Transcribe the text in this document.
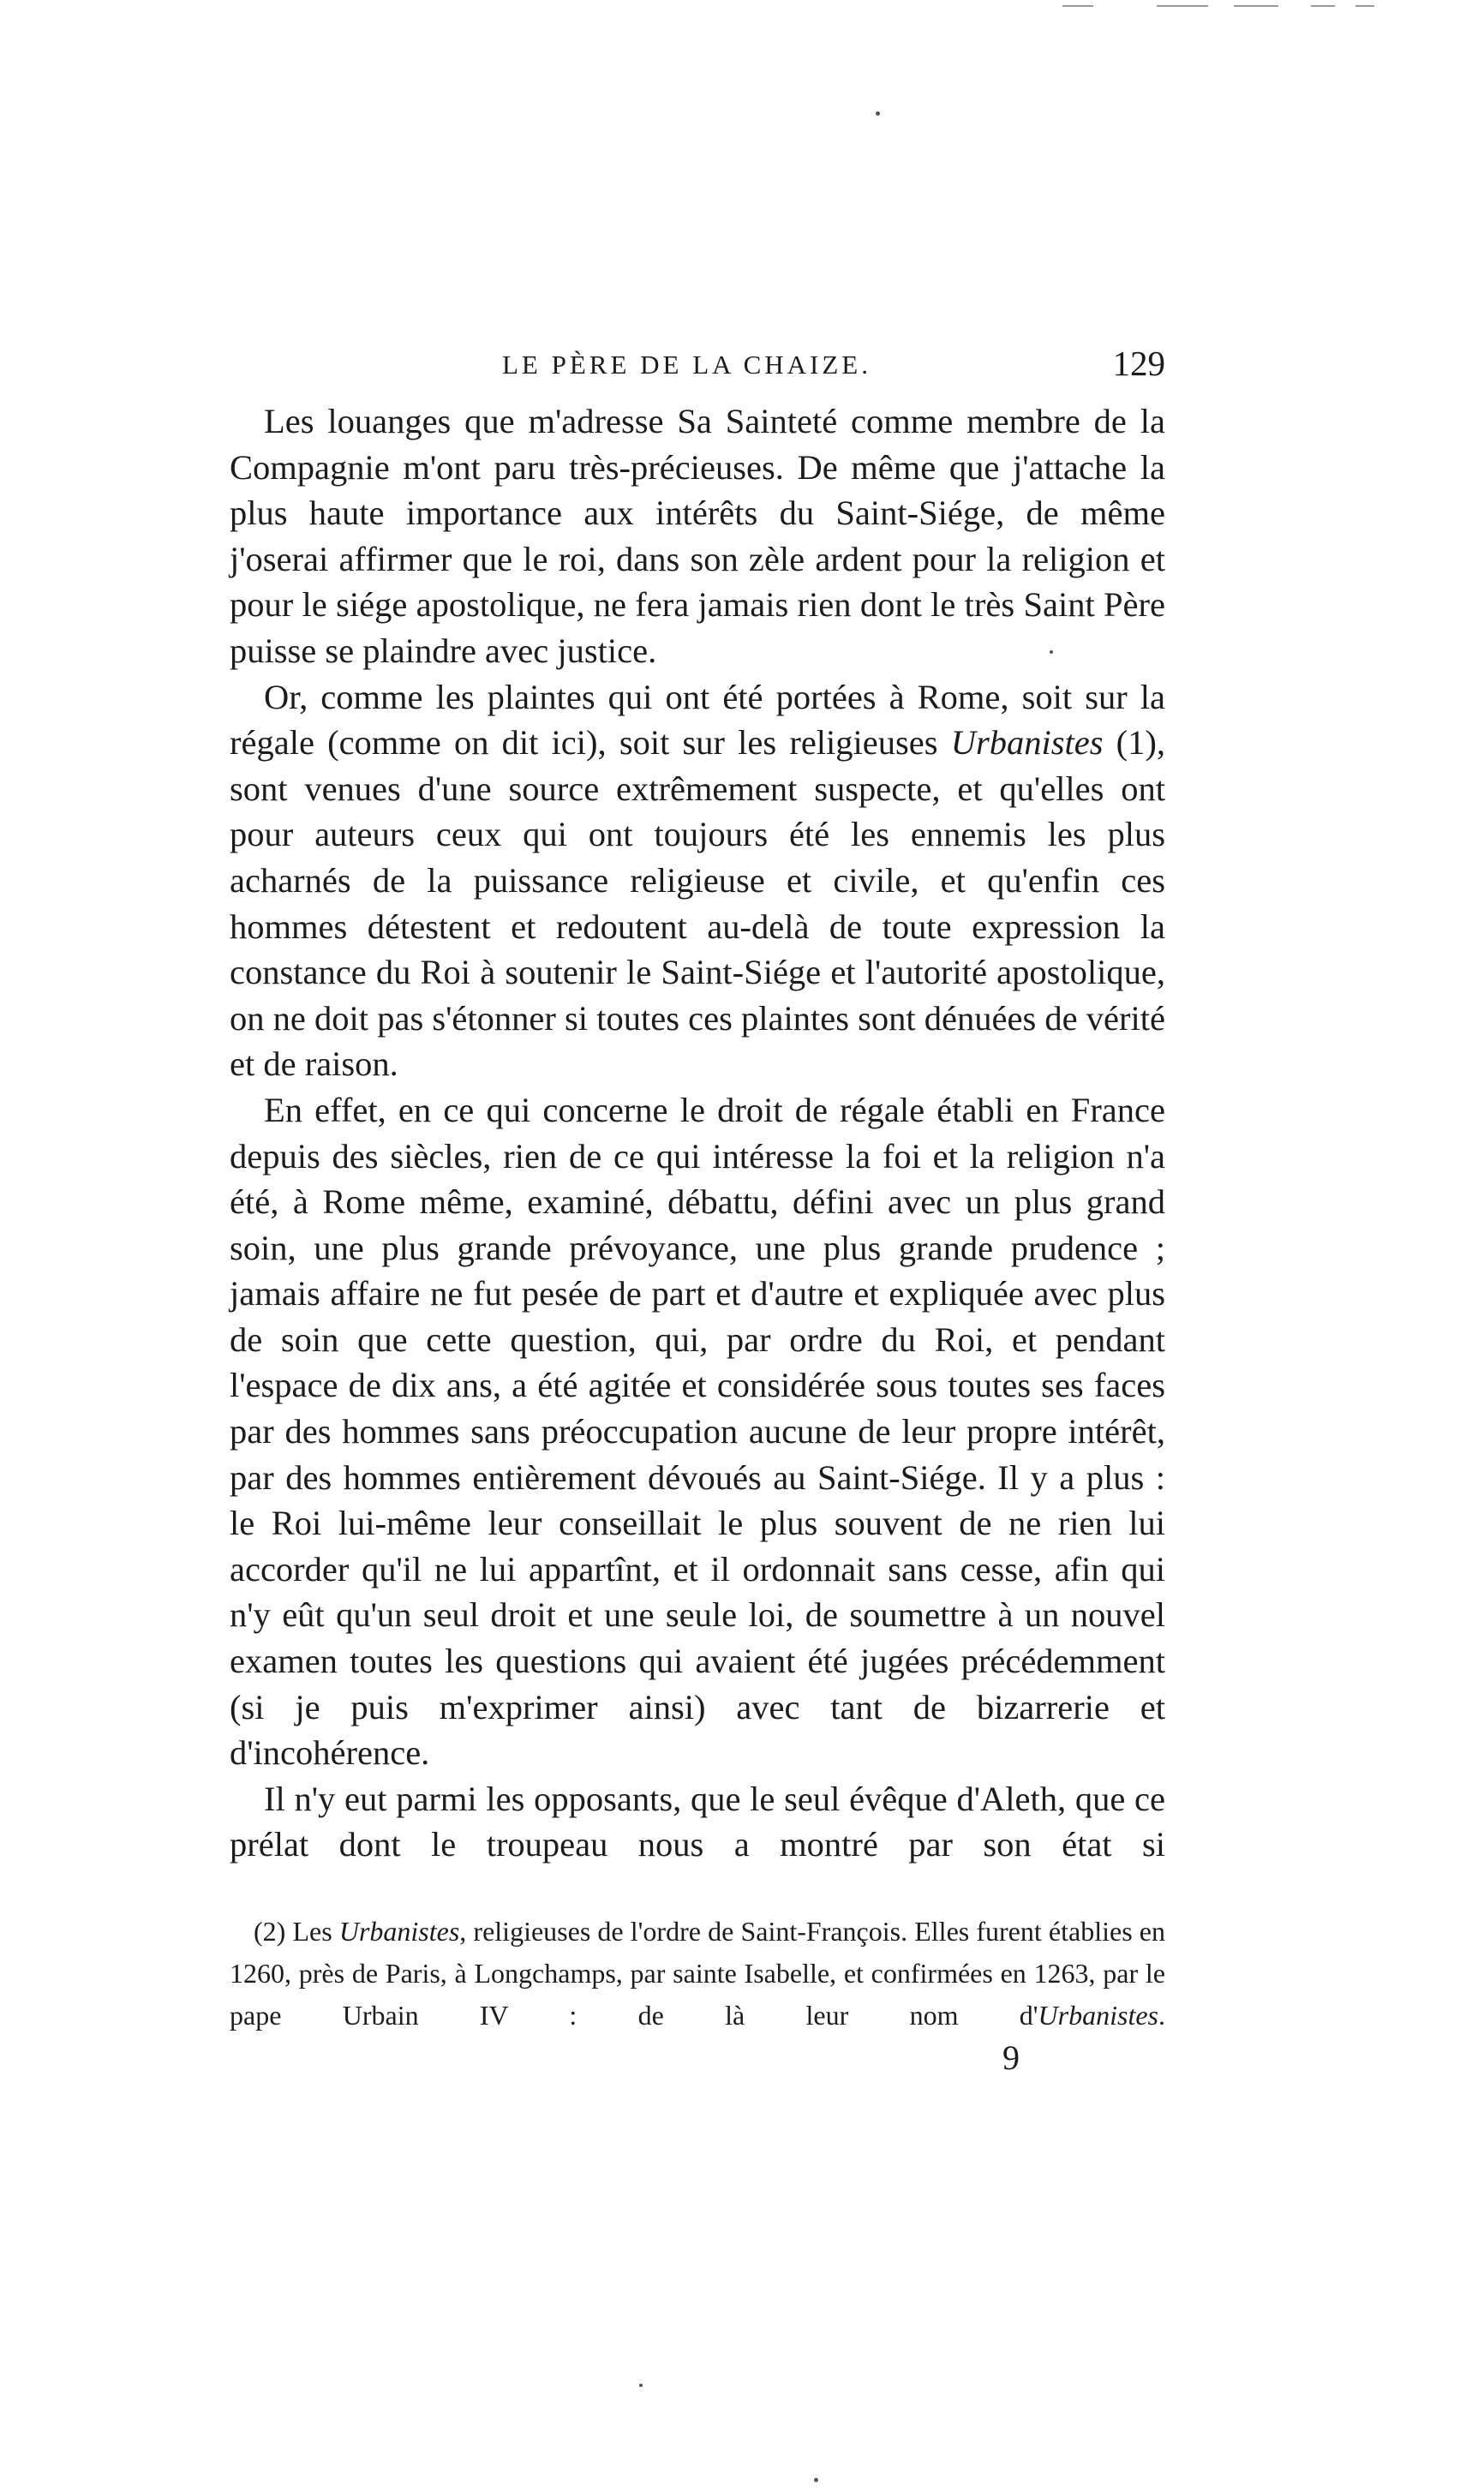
LE PÈRE DE LA CHAIZE.	129

Les louanges que m'adresse Sa Sainteté comme membre de la Compagnie m'ont paru très-précieuses. De même que j'attache la plus haute importance aux intérêts du Saint-Siége, de même j'oserai affirmer que le roi, dans son zèle ardent pour la religion et pour le siége apostolique, ne fera jamais rien dont le très Saint Père puisse se plaindre avec justice.

Or, comme les plaintes qui ont été portées à Rome, soit sur la régale (comme on dit ici), soit sur les religieuses Urbanistes (1), sont venues d'une source extrêmement suspecte, et qu'elles ont pour auteurs ceux qui ont toujours été les ennemis les plus acharnés de la puissance religieuse et civile, et qu'enfin ces hommes détestent et redoutent au-delà de toute expression la constance du Roi à soutenir le Saint-Siége et l'autorité apostolique, on ne doit pas s'étonner si toutes ces plaintes sont dénuées de vérité et de raison.

En effet, en ce qui concerne le droit de régale établi en France depuis des siècles, rien de ce qui intéresse la foi et la religion n'a été, à Rome même, examiné, débattu, défini avec un plus grand soin, une plus grande prévoyance, une plus grande prudence ; jamais affaire ne fut pesée de part et d'autre et expliquée avec plus de soin que cette question, qui, par ordre du Roi, et pendant l'espace de dix ans, a été agitée et considérée sous toutes ses faces par des hommes sans préoccupation aucune de leur propre intérêt, par des hommes entièrement dévoués au Saint-Siége. Il y a plus : le Roi lui-même leur conseillait le plus souvent de ne rien lui accorder qu'il ne lui appartînt, et il ordonnait sans cesse, afin qui n'y eût qu'un seul droit et une seule loi, de soumettre à un nouvel examen toutes les questions qui avaient été jugées précédemment (si je puis m'exprimer ainsi) avec tant de bizarrerie et d'incohérence.

Il n'y eut parmi les opposants, que le seul évêque d'Aleth, que ce prélat dont le troupeau nous a montré par son état si

(2) Les Urbanistes, religieuses de l'ordre de Saint-François. Elles furent établies en 1260, près de Paris, à Longchamps, par sainte Isabelle, et confirmées en 1263, par le pape Urbain IV : de là leur nom d'Urbanistes.

9
